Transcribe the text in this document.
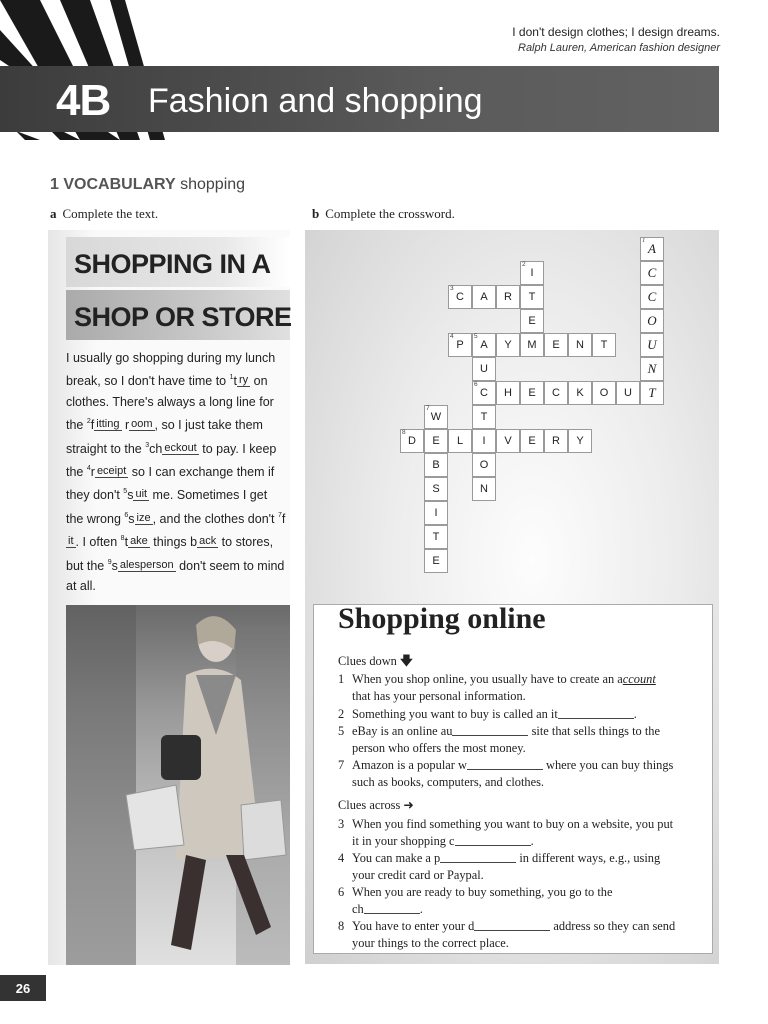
I don't design clothes; I design dreams.
Ralph Lauren, American fashion designer
4B Fashion and shopping
1 VOCABULARY shopping
a Complete the text.	b Complete the crossword.
SHOPPING IN A
SHOP OR STORE
I usually go shopping during my lunch break, so I don't have time to $^1$t ry on clothes. There's always a long line for the $^2$f itting r oom , so I just take them straight to the $^3$ch eckout to pay. I keep the $^4$r eceipt so I can exchange them if they don't $^5$s uit me. Sometimes I get the wrong $^6$s ize , and the clothes don't $^7$fit . I often $^8$t ake things b ack to stores, but the $^9$s alesperson don't seem to mind at all.
1
A
C
C
O
U
N
T
2
I
3
C A R T
E
4
P
5
A Y M E N T
U
6
C H E C K O U
7
W	T
8
D E L I V E R Y
B	O
S	N
I
T
E
Shopping online
Clues down 🡇
1 When you shop online, you usually have to create an account
that has your personal information.
2 Something you want to buy is called an it	.
5 eBay is an online au	site that sells things to the
person who offers the most money.
7 Amazon is a popular w	where you can buy things
such as books, computers, and clothes.
Clues across ➜
3 When you find something you want to buy on a website, you put
it in your shopping c	.
4 You can make a p	in different ways, e.g., using
your credit card or Paypal.
6 When you are ready to buy something, you go to the
ch	.
8 You have to enter your d	address so they can send
your things to the correct place.
26
